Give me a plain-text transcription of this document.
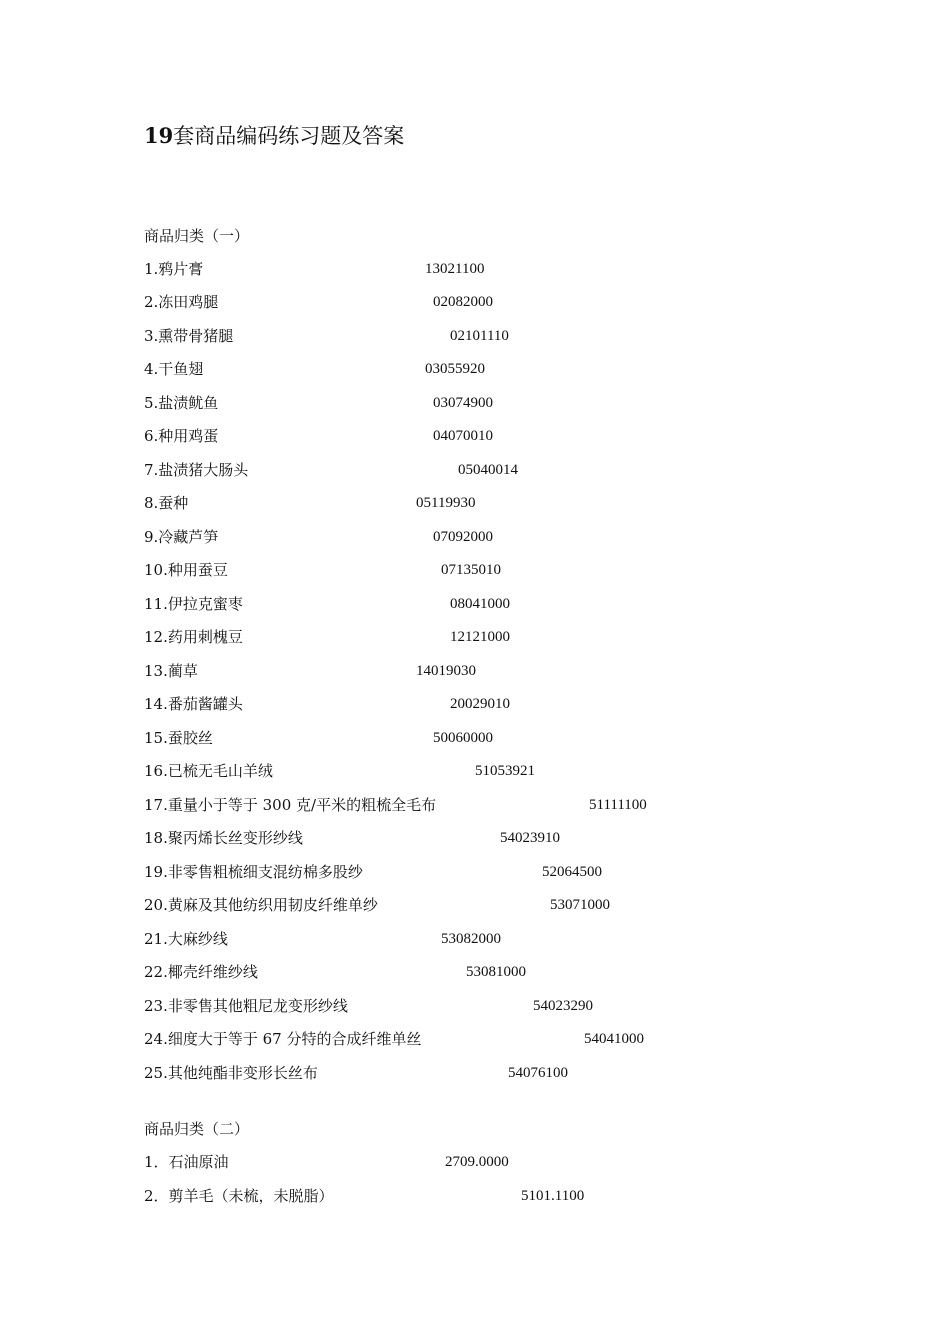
19套商品编码练习题及答案
商品归类（一）
1.鸦片膏	13021100
2.冻田鸡腿	02082000
3.熏带骨猪腿	02101110
4.干鱼翅	03055920
5.盐渍鱿鱼	03074900
6.种用鸡蛋	04070010
7.盐渍猪大肠头	05040014
8.蚕种	05119930
9.冷藏芦笋	07092000
10.种用蚕豆	07135010
11.伊拉克蜜枣	08041000
12.药用刺槐豆	12121000
13.蔺草	14019030
14.番茄酱罐头	20029010
15.蚕胶丝	50060000
16.已梳无毛山羊绒	51053921
17.重量小于等于 300 克/平米的粗梳全毛布	51111100
18.聚丙烯长丝变形纱线	54023910
19.非零售粗梳细支混纺棉多股纱	52064500
20.黄麻及其他纺织用韧皮纤维单纱	53071000
21.大麻纱线	53082000
22.椰壳纤维纱线	53081000
23.非零售其他粗尼龙变形纱线	54023290
24.细度大于等于 67 分特的合成纤维单丝	54041000
25.其他纯酯非变形长丝布	54076100
商品归类（二）
1．石油原油	2709.0000
2．剪羊毛（未梳，未脱脂）	5101.1100
